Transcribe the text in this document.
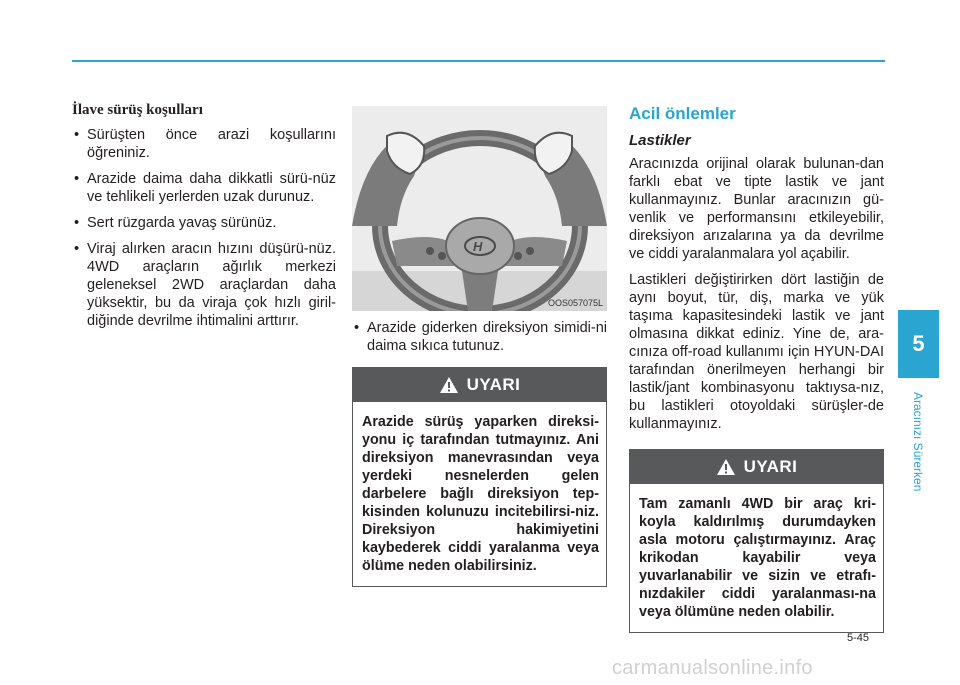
İlave sürüş koşulları
• Sürüşten önce arazi koşullarını öğreniniz.
• Arazide daima daha dikkatli sürü-nüz ve tehlikeli yerlerden uzak durunuz.
• Sert rüzgarda yavaş sürünüz.
• Viraj alırken aracın hızını düşürü-nüz. 4WD araçların ağırlık merkezi geleneksel 2WD araçlardan daha yüksektir, bu da viraja çok hızlı giril-diğinde devrilme ihtimalini arttırır.
H
OOS057075L
• Arazide giderken direksiyon simidi-ni daima sıkıca tutunuz.
UYARI
Arazide sürüş yaparken direksi-yonu iç tarafından tutmayınız. Ani direksiyon manevrasından veya yerdeki nesnelerden gelen darbelere bağlı direksiyon tep-kisinden kolunuzu incitebilirsi-niz. Direksiyon hakimiyetini kaybederek ciddi yaralanma veya ölüme neden olabilirsiniz.
Acil önlemler
Lastikler

Aracınızda orijinal olarak bulunan-dan farklı ebat ve tipte lastik ve jant kullanmayınız. Bunlar aracınızın gü-venlik ve performansını etkileyebilir, direksiyon arızalarına ya da devrilme ve ciddi yaralanmalara yol açabilir.

Lastikleri değiştirirken dört lastiğin de aynı boyut, tür, diş, marka ve yük taşıma kapasitesindeki lastik ve jant olmasına dikkat ediniz. Yine de, ara-cınıza off-road kullanımı için HYUN-DAI tarafından önerilmeyen herhangi bir lastik/jant kombinasyonu taktıysa-nız, bu lastikleri otoyoldaki sürüşler-de kullanmayınız.

UYARI
Tam zamanlı 4WD bir araç kri-koyla kaldırılmış durumdayken asla motoru çalıştırmayınız. Araç krikodan kayabilir veya yuvarlanabilir ve sizin ve etrafı-nızdakiler ciddi yaralanması-na veya ölümüne neden olabilir.
5
Aracınızı Sürerken
5-45
carmanualsonline.info
